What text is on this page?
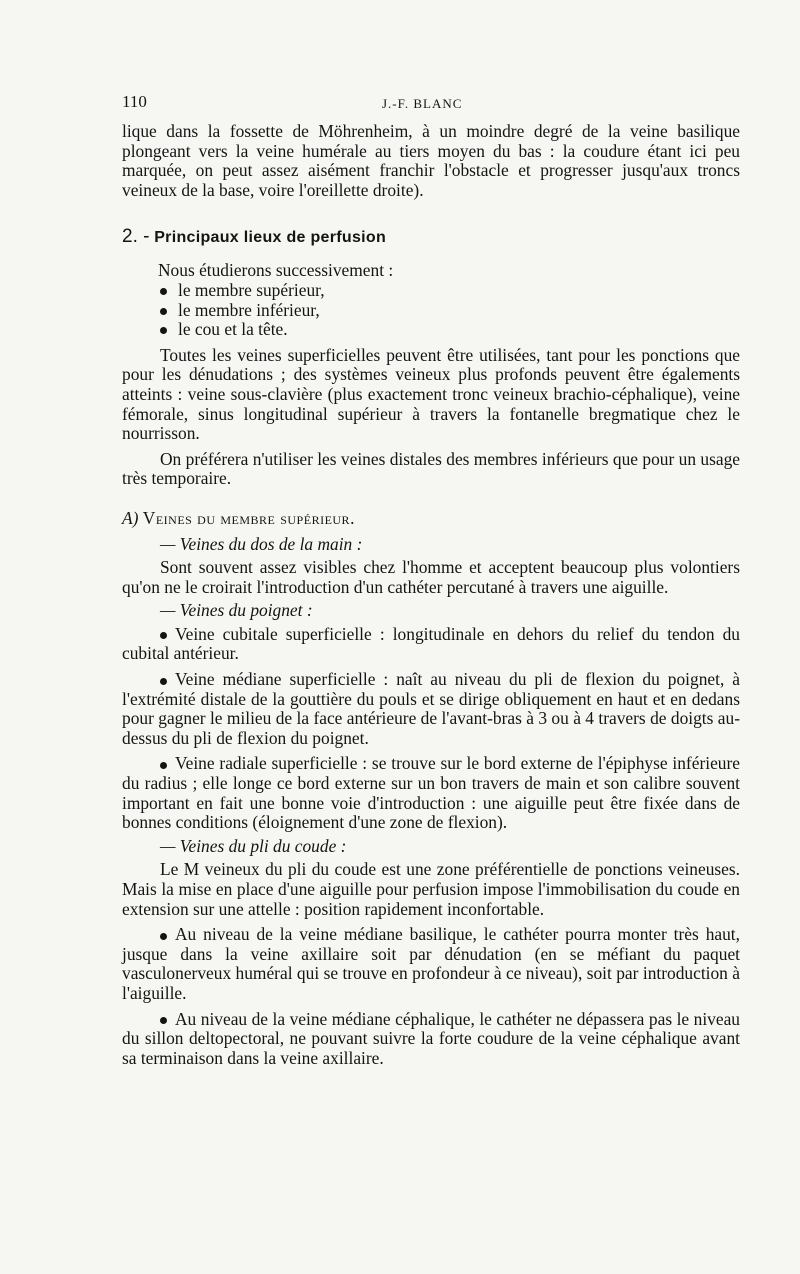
110	J.-F. BLANC

lique dans la fossette de Möhrenheim, à un moindre degré de la veine basilique plongeant vers la veine humérale au tiers moyen du bas : la coudure étant ici peu marquée, on peut assez aisément franchir l'obstacle et progresser jusqu'aux troncs veineux de la base, voire l'oreillette droite).

2. - Principaux lieux de perfusion

Nous étudierons successivement :

le membre supérieur,
le membre inférieur,
le cou et la tête.

Toutes les veines superficielles peuvent être utilisées, tant pour les ponctions que pour les dénudations ; des systèmes veineux plus profonds peuvent être égalements atteints : veine sous-clavière (plus exactement tronc veineux brachio-céphalique), veine fémorale, sinus longitudinal supérieur à travers la fontanelle bregmatique chez le nourrisson.

On préférera n'utiliser les veines distales des membres inférieurs que pour un usage très temporaire.

A) Veines du membre supérieur.

— Veines du dos de la main :

Sont souvent assez visibles chez l'homme et acceptent beaucoup plus volontiers qu'on ne le croirait l'introduction d'un cathéter percutané à travers une aiguille.

— Veines du poignet :

Veine cubitale superficielle : longitudinale en dehors du relief du tendon du cubital antérieur.

Veine médiane superficielle : naît au niveau du pli de flexion du poignet, à l'extrémité distale de la gouttière du pouls et se dirige obliquement en haut et en dedans pour gagner le milieu de la face antérieure de l'avant-bras à 3 ou à 4 travers de doigts au-dessus du pli de flexion du poignet.

Veine radiale superficielle : se trouve sur le bord externe de l'épiphyse inférieure du radius ; elle longe ce bord externe sur un bon travers de main et son calibre souvent important en fait une bonne voie d'introduction : une aiguille peut être fixée dans de bonnes conditions (éloignement d'une zone de flexion).

— Veines du pli du coude :

Le M veineux du pli du coude est une zone préférentielle de ponctions veineuses. Mais la mise en place d'une aiguille pour perfusion impose l'immobilisation du coude en extension sur une attelle : position rapidement inconfortable.

Au niveau de la veine médiane basilique, le cathéter pourra monter très haut, jusque dans la veine axillaire soit par dénudation (en se méfiant du paquet vasculonerveux huméral qui se trouve en profondeur à ce niveau), soit par introduction à l'aiguille.

Au niveau de la veine médiane céphalique, le cathéter ne dépassera pas le niveau du sillon deltopectoral, ne pouvant suivre la forte coudure de la veine céphalique avant sa terminaison dans la veine axillaire.
